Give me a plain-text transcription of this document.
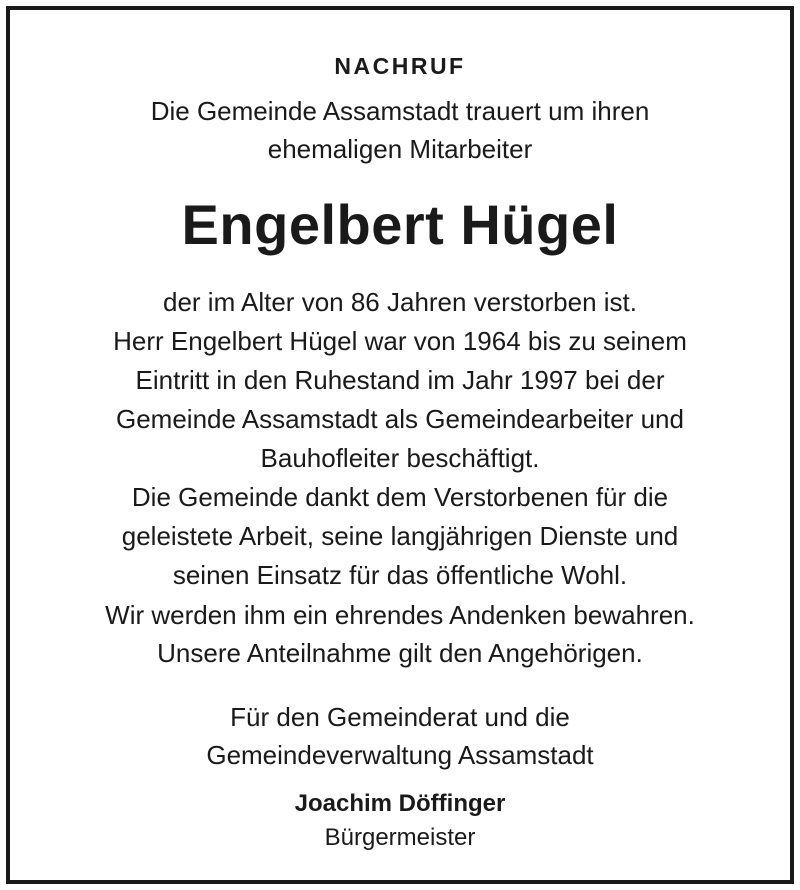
NACHRUF
Die Gemeinde Assamstadt trauert um ihren
ehemaligen Mitarbeiter
Engelbert Hügel

der im Alter von 86 Jahren verstorben ist.

Herr Engelbert Hügel war von 1964 bis zu seinem
Eintritt in den Ruhestand im Jahr 1997 bei der
Gemeinde Assamstadt als Gemeindearbeiter und
Bauhofleiter beschäftigt.
Die Gemeinde dankt dem Verstorbenen für die
geleistete Arbeit, seine langjährigen Dienste und
seinen Einsatz für das öffentliche Wohl.
Wir werden ihm ein ehrendes Andenken bewahren.
Unsere Anteilnahme gilt den Angehörigen.
Für den Gemeinderat und die
Gemeindeverwaltung Assamstadt
Joachim Döffinger
Bürgermeister
